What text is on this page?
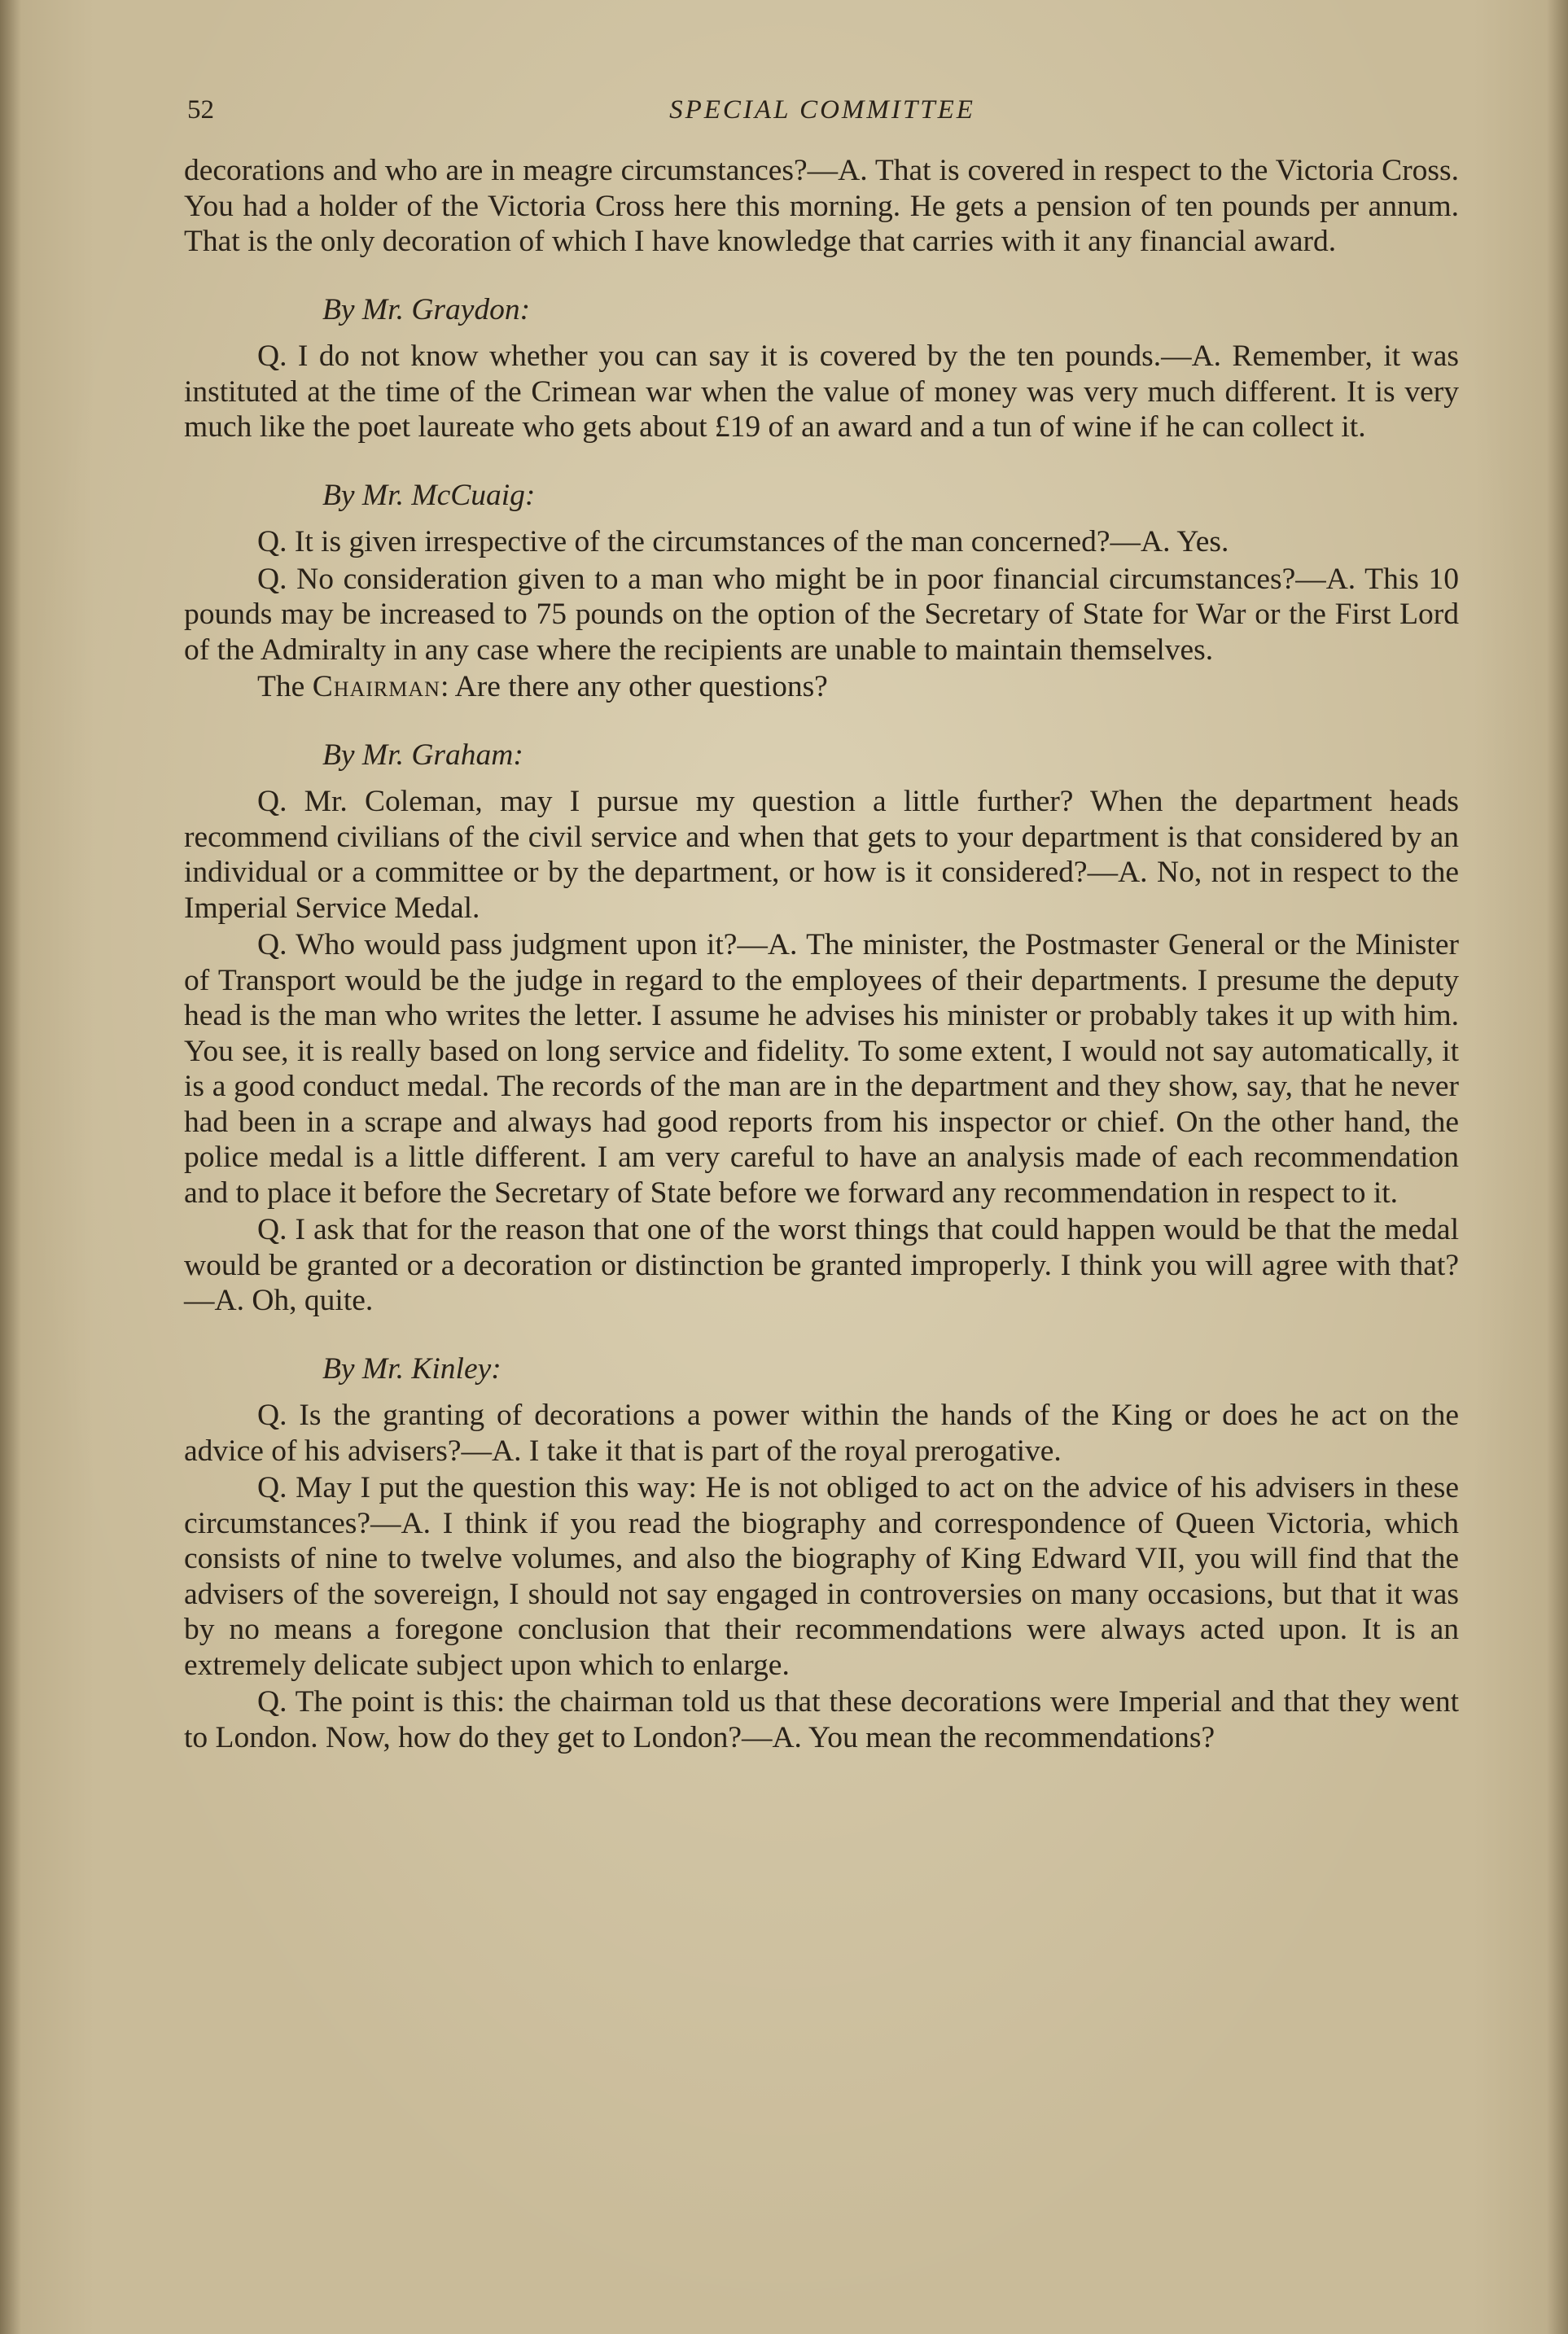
52	SPECIAL COMMITTEE

decorations and who are in meagre circumstances?—A. That is covered in respect to the Victoria Cross. You had a holder of the Victoria Cross here this morning. He gets a pension of ten pounds per annum. That is the only decoration of which I have knowledge that carries with it any financial award.

By Mr. Graydon:

Q. I do not know whether you can say it is covered by the ten pounds.—A. Remember, it was instituted at the time of the Crimean war when the value of money was very much different. It is very much like the poet laureate who gets about £19 of an award and a tun of wine if he can collect it.

By Mr. McCuaig:

Q. It is given irrespective of the circumstances of the man concerned?—A. Yes.

Q. No consideration given to a man who might be in poor financial circumstances?—A. This 10 pounds may be increased to 75 pounds on the option of the Secretary of State for War or the First Lord of the Admiralty in any case where the recipients are unable to maintain themselves.

The Chairman: Are there any other questions?

By Mr. Graham:

Q. Mr. Coleman, may I pursue my question a little further? When the department heads recommend civilians of the civil service and when that gets to your department is that considered by an individual or a committee or by the department, or how is it considered?—A. No, not in respect to the Imperial Service Medal.

Q. Who would pass judgment upon it?—A. The minister, the Postmaster General or the Minister of Transport would be the judge in regard to the employees of their departments. I presume the deputy head is the man who writes the letter. I assume he advises his minister or probably takes it up with him. You see, it is really based on long service and fidelity. To some extent, I would not say automatically, it is a good conduct medal. The records of the man are in the department and they show, say, that he never had been in a scrape and always had good reports from his inspector or chief. On the other hand, the police medal is a little different. I am very careful to have an analysis made of each recommendation and to place it before the Secretary of State before we forward any recommendation in respect to it.

Q. I ask that for the reason that one of the worst things that could happen would be that the medal would be granted or a decoration or distinction be granted improperly. I think you will agree with that?—A. Oh, quite.

By Mr. Kinley:

Q. Is the granting of decorations a power within the hands of the King or does he act on the advice of his advisers?—A. I take it that is part of the royal prerogative.

Q. May I put the question this way: He is not obliged to act on the advice of his advisers in these circumstances?—A. I think if you read the biography and correspondence of Queen Victoria, which consists of nine to twelve volumes, and also the biography of King Edward VII, you will find that the advisers of the sovereign, I should not say engaged in controversies on many occasions, but that it was by no means a foregone conclusion that their recommendations were always acted upon. It is an extremely delicate subject upon which to enlarge.

Q. The point is this: the chairman told us that these decorations were Imperial and that they went to London. Now, how do they get to London?—A. You mean the recommendations?
